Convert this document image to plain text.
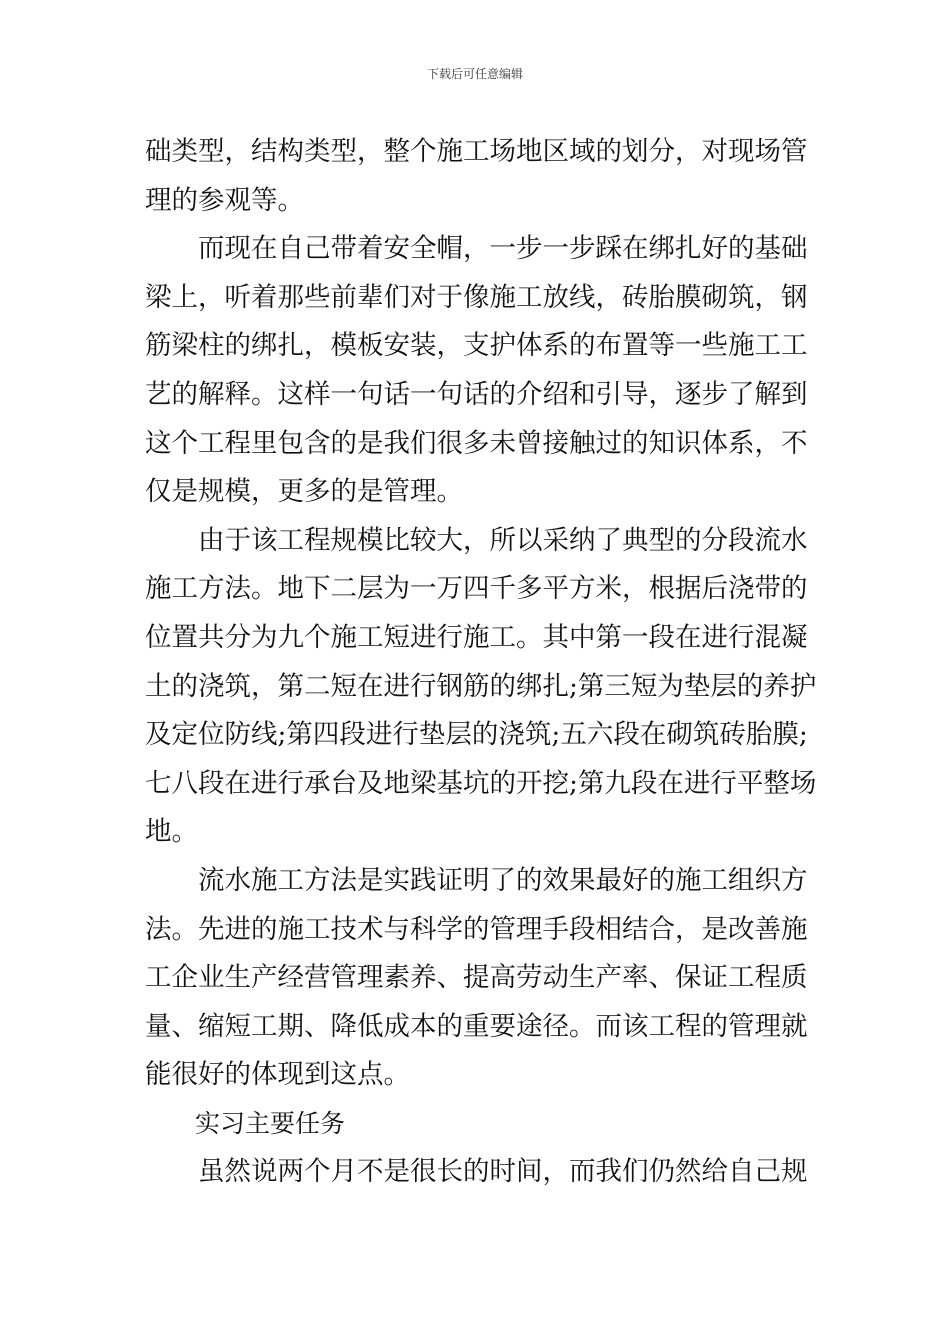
下载后可任意编辑
础类型，结构类型，整个施工场地区域的划分，对现场管
理的参观等。
而现在自己带着安全帽，一步一步踩在绑扎好的基础
梁上，听着那些前辈们对于像施工放线，砖胎膜砌筑，钢
筋梁柱的绑扎，模板安装，支护体系的布置等一些施工工
艺的解释。这样一句话一句话的介绍和引导，逐步了解到
这个工程里包含的是我们很多未曾接触过的知识体系，不
仅是规模，更多的是管理。
由于该工程规模比较大，所以采纳了典型的分段流水
施工方法。地下二层为一万四千多平方米，根据后浇带的
位置共分为九个施工短进行施工。其中第一段在进行混凝
土的浇筑，第二短在进行钢筋的绑扎;第三短为垫层的养护
及定位防线;第四段进行垫层的浇筑;五六段在砌筑砖胎膜;
七八段在进行承台及地梁基坑的开挖;第九段在进行平整场
地。
流水施工方法是实践证明了的效果最好的施工组织方
法。先进的施工技术与科学的管理手段相结合，是改善施
工企业生产经营管理素养、提高劳动生产率、保证工程质
量、缩短工期、降低成本的重要途径。而该工程的管理就
能很好的体现到这点。
实习主要任务
虽然说两个月不是很长的时间，而我们仍然给自己规
